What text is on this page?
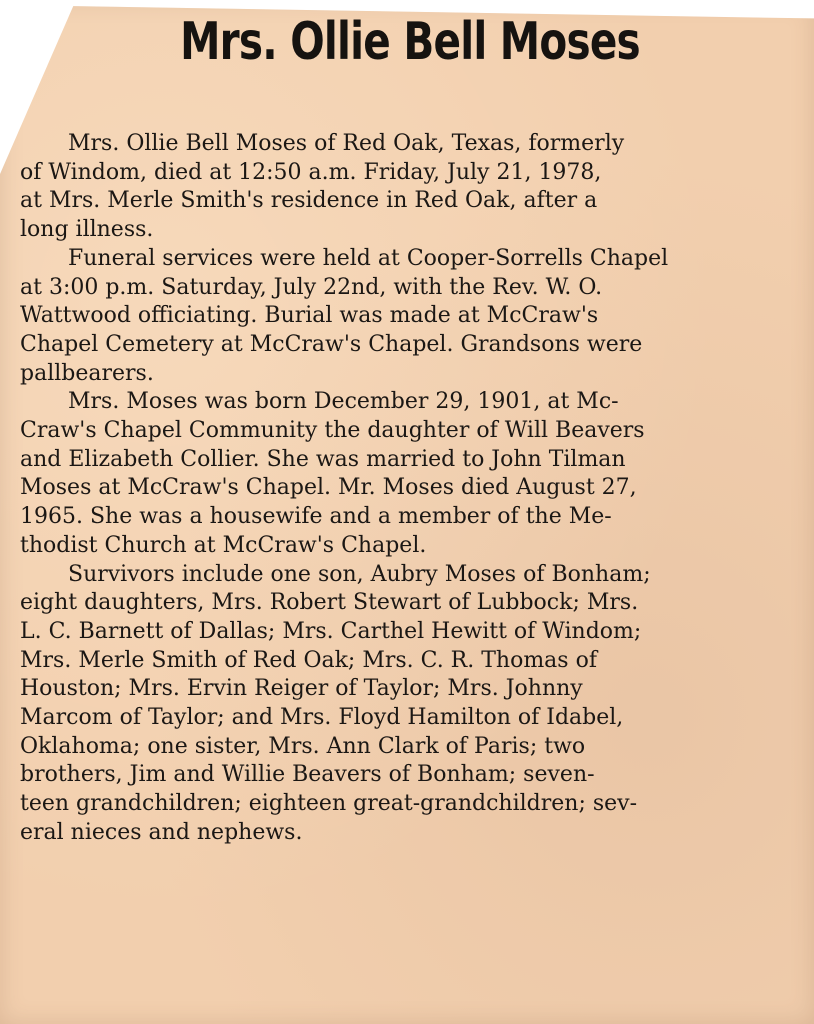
Mrs. Ollie Bell Moses
Mrs. Ollie Bell Moses of Red Oak, Texas, formerly
of Windom, died at 12:50 a.m. Friday, July 21, 1978,
at Mrs. Merle Smith's residence in Red Oak, after a
long illness.
Funeral services were held at Cooper-Sorrells Chapel
at 3:00 p.m. Saturday, July 22nd, with the Rev. W. O.
Wattwood officiating. Burial was made at McCraw's
Chapel Cemetery at McCraw's Chapel. Grandsons were
pallbearers.
Mrs. Moses was born December 29, 1901, at Mc-
Craw's Chapel Community the daughter of Will Beavers
and Elizabeth Collier. She was married to John Tilman
Moses at McCraw's Chapel. Mr. Moses died August 27,
1965. She was a housewife and a member of the Me-
thodist Church at McCraw's Chapel.
Survivors include one son, Aubry Moses of Bonham;
eight daughters, Mrs. Robert Stewart of Lubbock; Mrs.
L. C. Barnett of Dallas; Mrs. Carthel Hewitt of Windom;
Mrs. Merle Smith of Red Oak; Mrs. C. R. Thomas of
Houston; Mrs. Ervin Reiger of Taylor; Mrs. Johnny
Marcom of Taylor; and Mrs. Floyd Hamilton of Idabel,
Oklahoma; one sister, Mrs. Ann Clark of Paris; two
brothers, Jim and Willie Beavers of Bonham; seven-
teen grandchildren; eighteen great-grandchildren; sev-
eral nieces and nephews.
